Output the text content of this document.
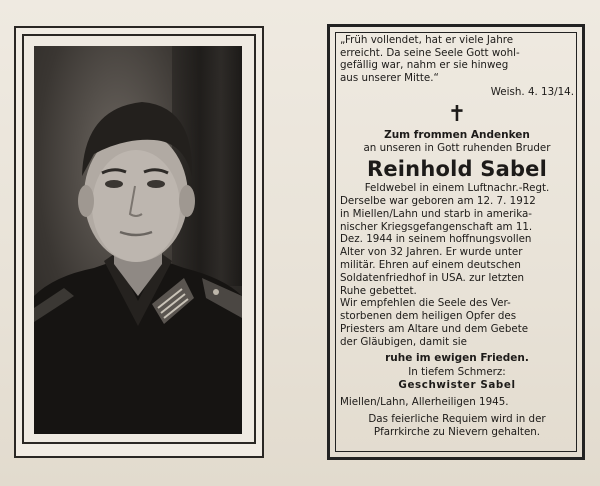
„Früh vollendet, hat er viele Jahre
erreicht. Da seine Seele Gott wohl-
gefällig war, nahm er sie hinweg
aus unserer Mitte.“
Weish. 4. 13/14.
✝
Zum frommen Andenken
an unseren in Gott ruhenden Bruder
Reinhold Sabel
Feldwebel in einem Luftnachr.-Regt.
Derselbe war geboren am 12. 7. 1912
in Miellen/Lahn und starb in amerika-
nischer Kriegsgefangenschaft am 11.
Dez. 1944 in seinem hoffnungsvollen
Alter von 32 Jahren. Er wurde unter
militär. Ehren auf einem deutschen
Soldatenfriedhof in USA. zur letzten
Ruhe gebettet.
Wir empfehlen die Seele des Ver-
storbenen dem heiligen Opfer des
Priesters am Altare und dem Gebete
der Gläubigen, damit sie
ruhe im ewigen Frieden.
In tiefem Schmerz:
Geschwister Sabel
Miellen/Lahn, Allerheiligen 1945.
Das feierliche Requiem wird in der
Pfarrkirche zu Nievern gehalten.
